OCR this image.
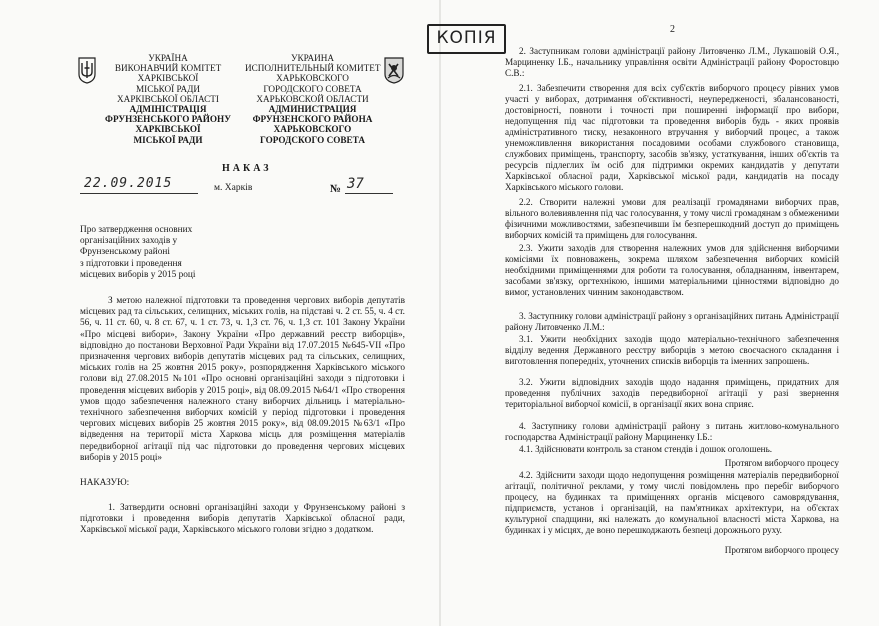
УКРАЇНА
ВИКОНАВЧИЙ КОМІТЕТ
ХАРКІВСЬКОЇ
МІСЬКОЇ РАДИ
ХАРКІВСЬКОЇ ОБЛАСТІ
АДМІНІСТРАЦІЯ
ФРУНЗЕНСЬКОГО РАЙОНУ
ХАРКІВСЬКОЇ
МІСЬКОЇ РАДИ
УКРАИНА
ИСПОЛНИТЕЛЬНЫЙ КОМИТЕТ
ХАРЬКОВСКОГО
ГОРОДСКОГО СОВЕТА
ХАРЬКОВСКОЙ ОБЛАСТИ
АДМИНИСТРАЦИЯ
ФРУНЗЕНСКОГО РАЙОНА
ХАРЬКОВСКОГО
ГОРОДСКОГО СОВЕТА
НАКАЗ
22.09.2015	м. Харків	№ 37
Про затвердження основних
організаційних заходів у
Фрунзенському районі
з підготовки і проведення
місцевих виборів у 2015 році
З метою належної підготовки та проведення чергових виборів депутатів місцевих рад та сільських, селищних, міських голів, на підставі ч. 2 ст. 55, ч. 4 ст. 56, ч. 11 ст. 60, ч. 8 ст. 67, ч. 1 ст. 73, ч. 1,3 ст. 76, ч. 1,3 ст. 101 Закону України «Про місцеві вибори», Закону України «Про державний реєстр виборців», відповідно до постанови Верховної Ради України від 17.07.2015 №645-VII «Про призначення чергових виборів депутатів місцевих рад та сільських, селищних, міських голів на 25 жовтня 2015 року», розпорядження Харківського міського голови від 27.08.2015 №101 «Про основні організаційні заходи з підготовки і проведення місцевих виборів у 2015 році», від 08.09.2015 №64/1 «Про створення умов щодо забезпечення належного стану виборчих дільниць і матеріально-технічного забезпечення виборчих комісій у період підготовки і проведення чергових місцевих виборів 25 жовтня 2015 року», від 08.09.2015 №63/1 «Про відведення на території міста Харкова місць для розміщення матеріалів передвиборної агітації під час підготовки до проведення чергових місцевих виборів у 2015 році»
НАКАЗУЮ:
1. Затвердити основні організаційні заходи у Фрунзенському районі з підготовки і проведення виборів депутатів Харківської обласної ради, Харківської міської ради, Харківського міського голови згідно з додатком.
КОПІЯ	2
2. Заступникам голови адміністрації району Литовченко Л.М., Лукашовій О.Я., Марциненку І.Б., начальнику управління освіти Адміністрації району Форостовцю С.В.:
2.1. Забезпечити створення для всіх суб'єктів виборчого процесу рівних умов участі у виборах, дотримання об'єктивності, неупередженості, збалансованості, достовірності, повноти і точності при поширенні інформації про вибори, недопущення під час підготовки та проведення виборів будь - яких проявів адміністративного тиску, незаконного втручання у виборчий процес, а також унеможливлення використання посадовими особами службового становища, службових приміщень, транспорту, засобів зв'язку, устаткування, інших об'єктів та ресурсів підлеглих їм осіб для підтримки окремих кандидатів у депутати Харківської обласної ради, Харківської міської ради, кандидатів на посаду Харківського міського голови.
2.2. Створити належні умови для реалізації громадянами виборчих прав, вільного волевиявлення під час голосування, у тому числі громадянам з обмеженими фізичними можливостями, забезпечивши їм безперешкодний доступ до приміщень виборчих комісій та приміщень для голосування.
2.3. Ужити заходів для створення належних умов для здійснення виборчими комісіями їх повноважень, зокрема шляхом забезпечення виборчих комісій необхідними приміщеннями для роботи та голосування, обладнанням, інвентарем, засобами зв'язку, оргтехнікою, іншими матеріальними цінностями відповідно до вимог, установлених чинним законодавством.
3. Заступнику голови адміністрації району з організаційних питань Адміністрації району Литовченко Л.М.:
3.1. Ужити необхідних заходів щодо матеріально-технічного забезпечення відділу ведення Державного реєстру виборців з метою своєчасного складання і виготовлення попередніх, уточнених списків виборців та іменних запрошень.
3.2. Ужити відповідних заходів щодо надання приміщень, придатних для проведення публічних заходів передвиборної агітації у разі звернення територіальної виборчої комісії, в організації яких вона сприяє.
4. Заступнику голови адміністрації району з питань житлово-комунального господарства Адміністрації району Марциненку І.Б.:
4.1. Здійснювати контроль за станом стендів і дошок оголошень.
Протягом виборчого процесу
4.2. Здійснити заходи щодо недопущення розміщення матеріалів передвиборної агітації, політичної реклами, у тому числі повідомлень про перебіг виборчого процесу, на будинках та приміщеннях органів місцевого самоврядування, підприємств, установ і організацій, на пам'ятниках архітектури, на об'єктах культурної спадщини, які належать до комунальної власності міста Харкова, на будинках і у місцях, де воно перешкоджають безпеці дорожнього руху.
Протягом виборчого процесу
